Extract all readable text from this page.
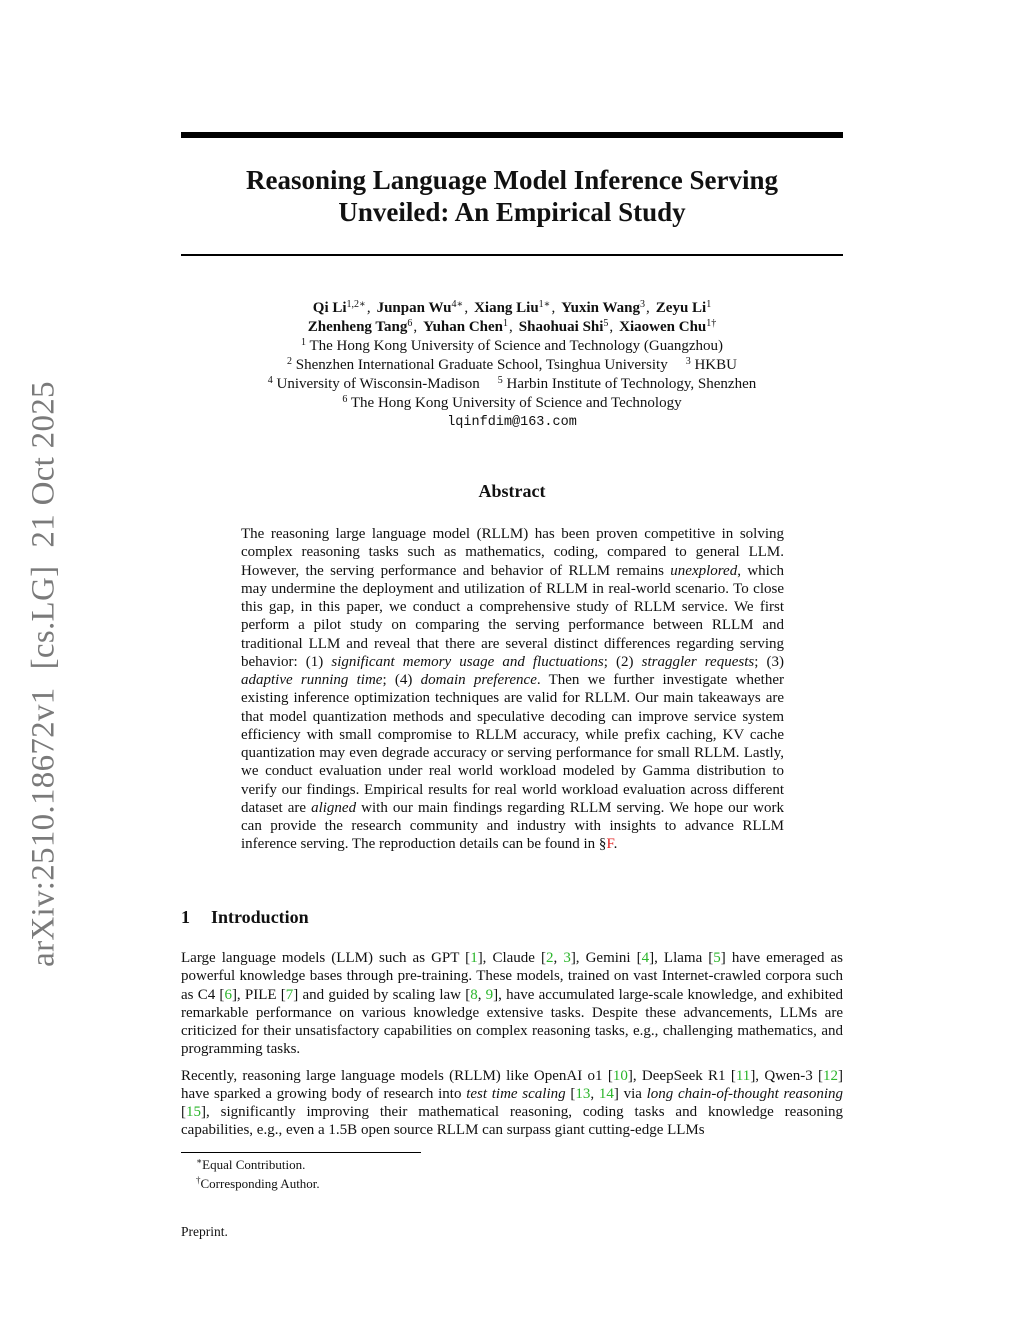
arXiv:2510.18672v1[cs.LG]21 Oct 2025
Reasoning Language Model Inference Serving
Unveiled: An Empirical Study
Qi $Li^{1,2∗}$, Junpan $Wu^{4∗}$, Xiang Liu$^{1∗}$, Yuxin Wang$^3$, Zeyu Li$^1$
Zhenheng Tang$^6$, Yuhan Chen$^1$, Shaohuai Shi$^5$, Xiaowen Chu$^{1\dagger}$
$^1$ The Hong Kong University of Science and Technology (Guangzhou)
$^2$ Shenzhen International Graduate School, Tsinghua University $^3$ HKBU
$^4$ University of Wisconsin-Madison $^5$ Harbin Institute of Technology, Shenzhen
$^6$ The Hong Kong University of Science and Technology
lqinfdim@163.com
Abstract
The reasoning large language model (RLLM) has been proven competitive in solving complex reasoning tasks such as mathematics, coding, compared to general LLM. However, the serving performance and behavior of RLLM remains unexplored, which may undermine the deployment and utilization of RLLM in real-world scenario. To close this gap, in this paper, we conduct a comprehensive study of RLLM service. We first perform a pilot study on comparing the serving performance between RLLM and traditional LLM and reveal that there are several distinct differences regarding serving behavior: (1) significant memory usage and fluctuations; (2) straggler requests; (3) adaptive running time; (4) domain preference. Then we further investigate whether existing inference optimization techniques are valid for RLLM. Our main takeaways are that model quantization methods and speculative decoding can improve service system efficiency with small compromise to RLLM accuracy, while prefix caching, KV cache quantization may even degrade accuracy or serving performance for small RLLM. Lastly, we conduct evaluation under real world workload modeled by Gamma distribution to verify our findings. Empirical results for real world workload evaluation across different dataset are aligned with our main findings regarding RLLM serving. We hope our work can provide the research community and industry with insights to advance RLLM inference serving. The reproduction details can be found in §F.
1 Introduction

Large language models (LLM) such as GPT [1], Claude [2, 3], Gemini [4], Llama [5] have emeraged as powerful knowledge bases through pre-training. These models, trained on vast Internet-crawled corpora such as C4 [6], PILE [7] and guided by scaling law [8, 9], have accumulated large-scale knowledge, and exhibited remarkable performance on various knowledge extensive tasks. Despite these advancements, LLMs are criticized for their unsatisfactory capabilities on complex reasoning tasks, e.g., challenging mathematics, and programming tasks.

Recently, reasoning large language models (RLLM) like OpenAI o1 [10], DeepSeek R1 [11], Qwen-3 [12] have sparked a growing body of research into test time scaling [13, 14] via long chain-of-thought reasoning [15], significantly improving their mathematical reasoning, coding tasks and knowledge reasoning capabilities, e.g., even a 1.5B open source RLLM can surpass giant cutting-edge LLMs

∗Equal Contribution.
†Corresponding Author.
Preprint.
